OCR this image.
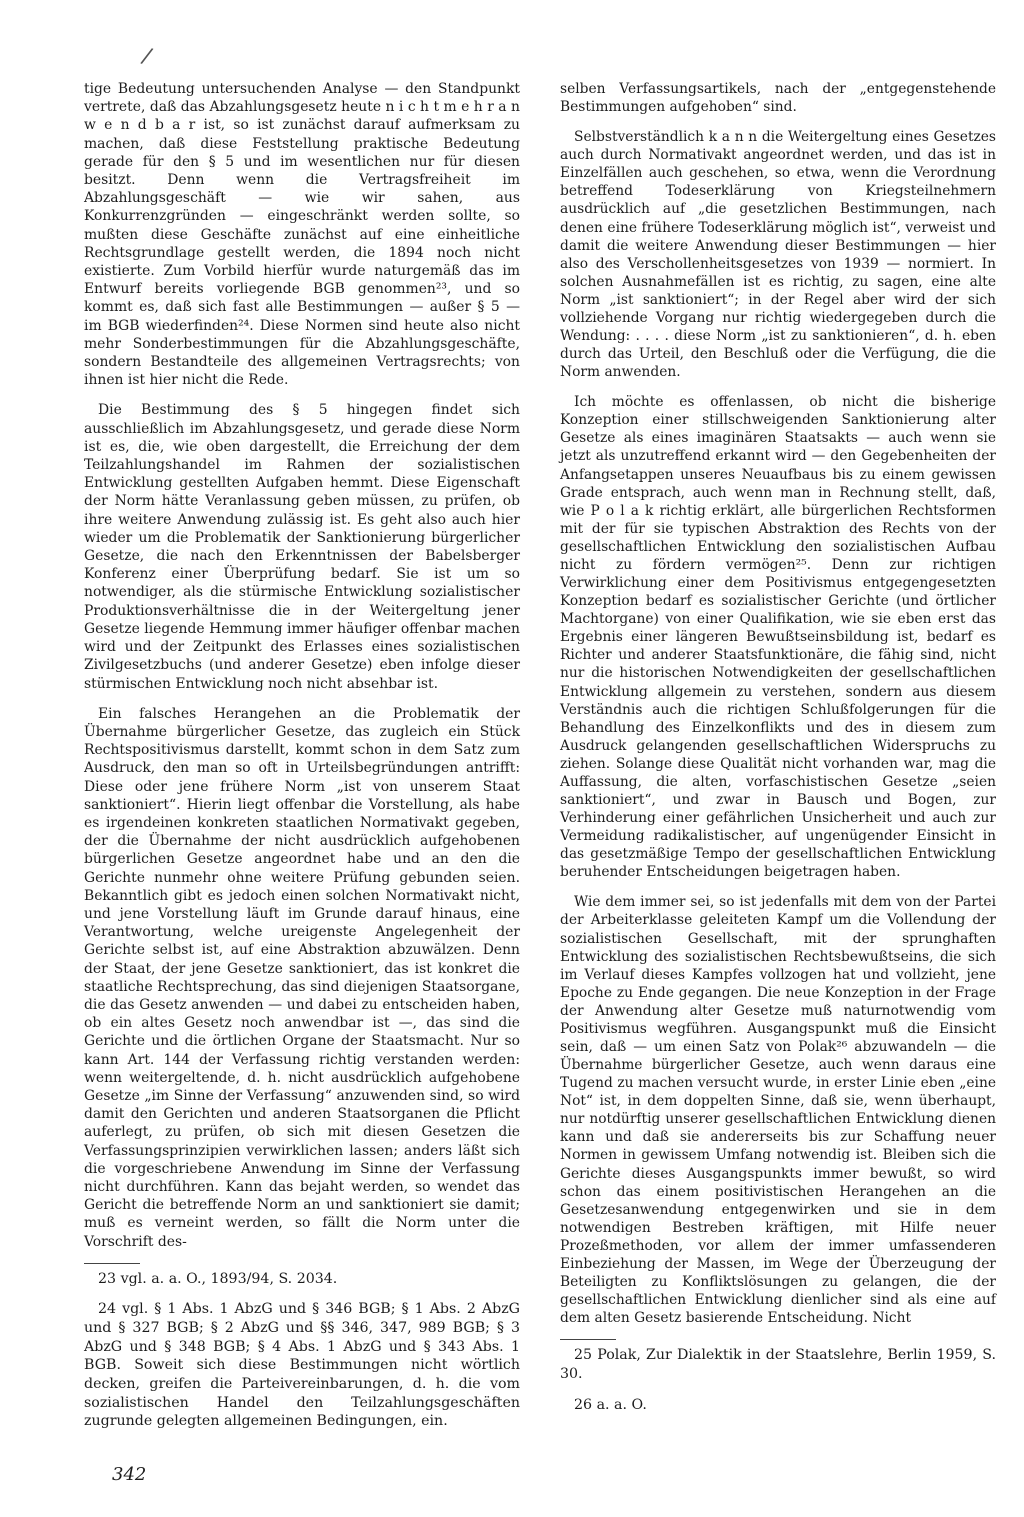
/

tige Bedeutung untersuchenden Analyse — den Standpunkt vertrete, daß das Abzahlungsgesetz heute n i c h t m e h r a n w e n d b a r ist, so ist zunächst darauf aufmerksam zu machen, daß diese Feststellung praktische Bedeutung gerade für den § 5 und im wesentlichen nur für diesen besitzt. Denn wenn die Vertragsfreiheit im Abzahlungsgeschäft — wie wir sahen, aus Konkurrenzgründen — eingeschränkt werden sollte, so mußten diese Geschäfte zunächst auf eine einheitliche Rechtsgrundlage gestellt werden, die 1894 noch nicht existierte. Zum Vorbild hierfür wurde naturgemäß das im Entwurf bereits vorliegende BGB genommen²³, und so kommt es, daß sich fast alle Bestimmungen — außer § 5 — im BGB wiederfinden²⁴. Diese Normen sind heute also nicht mehr Sonderbestimmungen für die Abzahlungsgeschäfte, sondern Bestandteile des allgemeinen Vertragsrechts; von ihnen ist hier nicht die Rede.

Die Bestimmung des § 5 hingegen findet sich ausschließlich im Abzahlungsgesetz, und gerade diese Norm ist es, die, wie oben dargestellt, die Erreichung der dem Teilzahlungshandel im Rahmen der sozialistischen Entwicklung gestellten Aufgaben hemmt. Diese Eigenschaft der Norm hätte Veranlassung geben müssen, zu prüfen, ob ihre weitere Anwendung zulässig ist. Es geht also auch hier wieder um die Problematik der Sanktionierung bürgerlicher Gesetze, die nach den Erkenntnissen der Babelsberger Konferenz einer Überprüfung bedarf. Sie ist um so notwendiger, als die stürmische Entwicklung sozialistischer Produktionsverhältnisse die in der Weitergeltung jener Gesetze liegende Hemmung immer häufiger offenbar machen wird und der Zeitpunkt des Erlasses eines sozialistischen Zivilgesetzbuchs (und anderer Gesetze) eben infolge dieser stürmischen Entwicklung noch nicht absehbar ist.

Ein falsches Herangehen an die Problematik der Übernahme bürgerlicher Gesetze, das zugleich ein Stück Rechtspositivismus darstellt, kommt schon in dem Satz zum Ausdruck, den man so oft in Urteilsbegründungen antrifft: Diese oder jene frühere Norm „ist von unserem Staat sanktioniert“. Hierin liegt offenbar die Vorstellung, als habe es irgendeinen konkreten staatlichen Normativakt gegeben, der die Übernahme der nicht ausdrücklich aufgehobenen bürgerlichen Gesetze angeordnet habe und an den die Gerichte nunmehr ohne weitere Prüfung gebunden seien. Bekanntlich gibt es jedoch einen solchen Normativakt nicht, und jene Vorstellung läuft im Grunde darauf hinaus, eine Verantwortung, welche ureigenste Angelegenheit der Gerichte selbst ist, auf eine Abstraktion abzuwälzen. Denn der Staat, der jene Gesetze sanktioniert, das ist konkret die staatliche Rechtsprechung, das sind diejenigen Staatsorgane, die das Gesetz anwenden — und dabei zu entscheiden haben, ob ein altes Gesetz noch anwendbar ist —, das sind die Gerichte und die örtlichen Organe der Staatsmacht. Nur so kann Art. 144 der Verfassung richtig verstanden werden: wenn weitergeltende, d. h. nicht ausdrücklich aufgehobene Gesetze „im Sinne der Verfassung“ anzuwenden sind, so wird damit den Gerichten und anderen Staatsorganen die Pflicht auferlegt, zu prüfen, ob sich mit diesen Gesetzen die Verfassungsprinzipien verwirklichen lassen; anders läßt sich die vorgeschriebene Anwendung im Sinne der Verfassung nicht durchführen. Kann das bejaht werden, so wendet das Gericht die betreffende Norm an und sanktioniert sie damit; muß es verneint werden, so fällt die Norm unter die Vorschrift des-

23 vgl. a. a. O., 1893/94, S. 2034.

24 vgl. § 1 Abs. 1 AbzG und § 346 BGB; § 1 Abs. 2 AbzG und § 327 BGB; § 2 AbzG und §§ 346, 347, 989 BGB; § 3 AbzG und § 348 BGB; § 4 Abs. 1 AbzG und § 343 Abs. 1 BGB. Soweit sich diese Bestimmungen nicht wörtlich decken, greifen die Parteivereinbarungen, d. h. die vom sozialistischen Handel den Teilzahlungsgeschäften zugrunde gelegten allgemeinen Bedingungen, ein.

selben Verfassungsartikels, nach der „entgegenstehende Bestimmungen aufgehoben“ sind.

Selbstverständlich k a n n die Weitergeltung eines Gesetzes auch durch Normativakt angeordnet werden, und das ist in Einzelfällen auch geschehen, so etwa, wenn die Verordnung betreffend Todeserklärung von Kriegsteilnehmern ausdrücklich auf „die gesetzlichen Bestimmungen, nach denen eine frühere Todeserklärung möglich ist“, verweist und damit die weitere Anwendung dieser Bestimmungen — hier also des Verschollenheitsgesetzes von 1939 — normiert. In solchen Ausnahmefällen ist es richtig, zu sagen, eine alte Norm „ist sanktioniert“; in der Regel aber wird der sich vollziehende Vorgang nur richtig wiedergegeben durch die Wendung: . . . . diese Norm „ist zu sanktionieren“, d. h. eben durch das Urteil, den Beschluß oder die Verfügung, die die Norm anwenden.

Ich möchte es offenlassen, ob nicht die bisherige Konzeption einer stillschweigenden Sanktionierung alter Gesetze als eines imaginären Staatsakts — auch wenn sie jetzt als unzutreffend erkannt wird — den Gegebenheiten der Anfangsetappen unseres Neuaufbaus bis zu einem gewissen Grade entsprach, auch wenn man in Rechnung stellt, daß, wie P o l a k richtig erklärt, alle bürgerlichen Rechtsformen mit der für sie typischen Abstraktion des Rechts von der gesellschaftlichen Entwicklung den sozialistischen Aufbau nicht zu fördern vermögen²⁵. Denn zur richtigen Verwirklichung einer dem Positivismus entgegengesetzten Konzeption bedarf es sozialistischer Gerichte (und örtlicher Machtorgane) von einer Qualifikation, wie sie eben erst das Ergebnis einer längeren Bewußtseinsbildung ist, bedarf es Richter und anderer Staatsfunktionäre, die fähig sind, nicht nur die historischen Notwendigkeiten der gesellschaftlichen Entwicklung allgemein zu verstehen, sondern aus diesem Verständnis auch die richtigen Schlußfolgerungen für die Behandlung des Einzelkonflikts und des in diesem zum Ausdruck gelangenden gesellschaftlichen Widerspruchs zu ziehen. Solange diese Qualität nicht vorhanden war, mag die Auffassung, die alten, vorfaschistischen Gesetze „seien sanktioniert“, und zwar in Bausch und Bogen, zur Verhinderung einer gefährlichen Unsicherheit und auch zur Vermeidung radikalistischer, auf ungenügender Einsicht in das gesetzmäßige Tempo der gesellschaftlichen Entwicklung beruhender Entscheidungen beigetragen haben.

Wie dem immer sei, so ist jedenfalls mit dem von der Partei der Arbeiterklasse geleiteten Kampf um die Vollendung der sozialistischen Gesellschaft, mit der sprunghaften Entwicklung des sozialistischen Rechtsbewußtseins, die sich im Verlauf dieses Kampfes vollzogen hat und vollzieht, jene Epoche zu Ende gegangen. Die neue Konzeption in der Frage der Anwendung alter Gesetze muß naturnotwendig vom Positivismus wegführen. Ausgangspunkt muß die Einsicht sein, daß — um einen Satz von Polak²⁶ abzuwandeln — die Übernahme bürgerlicher Gesetze, auch wenn daraus eine Tugend zu machen versucht wurde, in erster Linie eben „eine Not“ ist, in dem doppelten Sinne, daß sie, wenn überhaupt, nur notdürftig unserer gesellschaftlichen Entwicklung dienen kann und daß sie andererseits bis zur Schaffung neuer Normen in gewissem Umfang notwendig ist. Bleiben sich die Gerichte dieses Ausgangspunkts immer bewußt, so wird schon das einem positivistischen Herangehen an die Gesetzesanwendung entgegenwirken und sie in dem notwendigen Bestreben kräftigen, mit Hilfe neuer Prozeßmethoden, vor allem der immer umfassenderen Einbeziehung der Massen, im Wege der Überzeugung der Beteiligten zu Konfliktslösungen zu gelangen, die der gesellschaftlichen Entwicklung dienlicher sind als eine auf dem alten Gesetz basierende Entscheidung. Nicht

25 Polak, Zur Dialektik in der Staatslehre, Berlin 1959, S. 30.

26 a. a. O.

342
